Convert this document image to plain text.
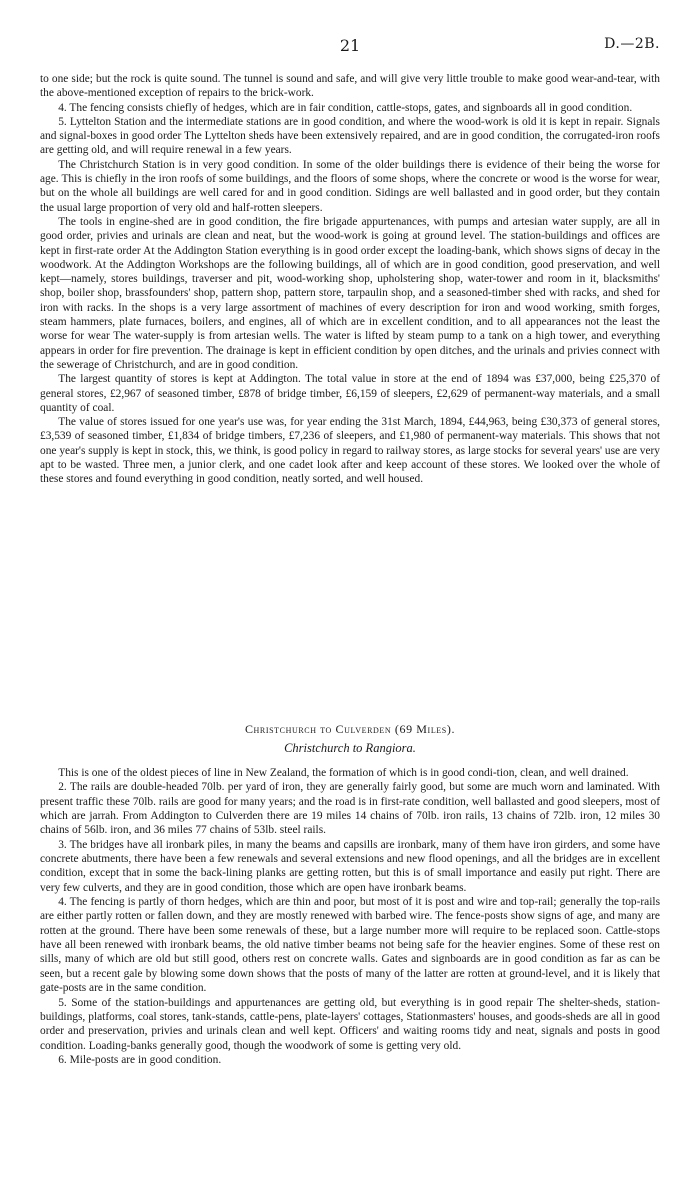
21	D.—2B.

to one side; but the rock is quite sound. The tunnel is sound and safe, and will give very little trouble to make good wear-and-tear, with the above-mentioned exception of repairs to the brick-work.

4. The fencing consists chiefly of hedges, which are in fair condition, cattle-stops, gates, and signboards all in good condition.

5. Lyttelton Station and the intermediate stations are in good condition, and where the wood-work is old it is kept in repair. Signals and signal-boxes in good order The Lyttelton sheds have been extensively repaired, and are in good condition, the corrugated-iron roofs are getting old, and will require renewal in a few years.

The Christchurch Station is in very good condition. In some of the older buildings there is evidence of their being the worse for age. This is chiefly in the iron roofs of some buildings, and the floors of some shops, where the concrete or wood is the worse for wear, but on the whole all buildings are well cared for and in good condition. Sidings are well ballasted and in good order, but they contain the usual large proportion of very old and half-rotten sleepers.

The tools in engine-shed are in good condition, the fire brigade appurtenances, with pumps and artesian water supply, are all in good order, privies and urinals are clean and neat, but the wood-work is going at ground level. The station-buildings and offices are kept in first-rate order At the Addington Station everything is in good order except the loading-bank, which shows signs of decay in the woodwork. At the Addington Workshops are the following buildings, all of which are in good condition, good preservation, and well kept—namely, stores buildings, traverser and pit, wood-working shop, upholstering shop, water-tower and room in it, blacksmiths' shop, boiler shop, brassfounders' shop, pattern shop, pattern store, tarpaulin shop, and a seasoned-timber shed with racks, and shed for iron with racks. In the shops is a very large assortment of machines of every description for iron and wood working, smith forges, steam hammers, plate furnaces, boilers, and engines, all of which are in excellent condition, and to all appearances not the least the worse for wear The water-supply is from artesian wells. The water is lifted by steam pump to a tank on a high tower, and everything appears in order for fire prevention. The drainage is kept in efficient condition by open ditches, and the urinals and privies connect with the sewerage of Christchurch, and are in good condition.

The largest quantity of stores is kept at Addington. The total value in store at the end of 1894 was £37,000, being £25,370 of general stores, £2,967 of seasoned timber, £878 of bridge timber, £6,159 of sleepers, £2,629 of permanent-way materials, and a small quantity of coal.

The value of stores issued for one year's use was, for year ending the 31st March, 1894, £44,963, being £30,373 of general stores, £3,539 of seasoned timber, £1,834 of bridge timbers, £7,236 of sleepers, and £1,980 of permanent-way materials. This shows that not one year's supply is kept in stock, this, we think, is good policy in regard to railway stores, as large stocks for several years' use are very apt to be wasted. Three men, a junior clerk, and one cadet look after and keep account of these stores. We looked over the whole of these stores and found everything in good condition, neatly sorted, and well housed.

Christchurch to Culverden (69 Miles).
Christchurch to Rangiora.

This is one of the oldest pieces of line in New Zealand, the formation of which is in good condi-tion, clean, and well drained.

2. The rails are double-headed 70lb. per yard of iron, they are generally fairly good, but some are much worn and laminated. With present traffic these 70lb. rails are good for many years; and the road is in first-rate condition, well ballasted and good sleepers, most of which are jarrah. From Addington to Culverden there are 19 miles 14 chains of 70lb. iron rails, 13 chains of 72lb. iron, 12 miles 30 chains of 56lb. iron, and 36 miles 77 chains of 53lb. steel rails.

3. The bridges have all ironbark piles, in many the beams and capsills are ironbark, many of them have iron girders, and some have concrete abutments, there have been a few renewals and several extensions and new flood openings, and all the bridges are in excellent condition, except that in some the back-lining planks are getting rotten, but this is of small importance and easily put right. There are very few culverts, and they are in good condition, those which are open have ironbark beams.

4. The fencing is partly of thorn hedges, which are thin and poor, but most of it is post and wire and top-rail; generally the top-rails are either partly rotten or fallen down, and they are mostly renewed with barbed wire. The fence-posts show signs of age, and many are rotten at the ground. There have been some renewals of these, but a large number more will require to be replaced soon. Cattle-stops have all been renewed with ironbark beams, the old native timber beams not being safe for the heavier engines. Some of these rest on sills, many of which are old but still good, others rest on concrete walls. Gates and signboards are in good condition as far as can be seen, but a recent gale by blowing some down shows that the posts of many of the latter are rotten at ground-level, and it is likely that gate-posts are in the same condition.

5. Some of the station-buildings and appurtenances are getting old, but everything is in good repair The shelter-sheds, station-buildings, platforms, coal stores, tank-stands, cattle-pens, plate-layers' cottages, Stationmasters' houses, and goods-sheds are all in good order and preservation, privies and urinals clean and well kept. Officers' and waiting rooms tidy and neat, signals and posts in good condition. Loading-banks generally good, though the woodwork of some is getting very old.

6. Mile-posts are in good condition.
